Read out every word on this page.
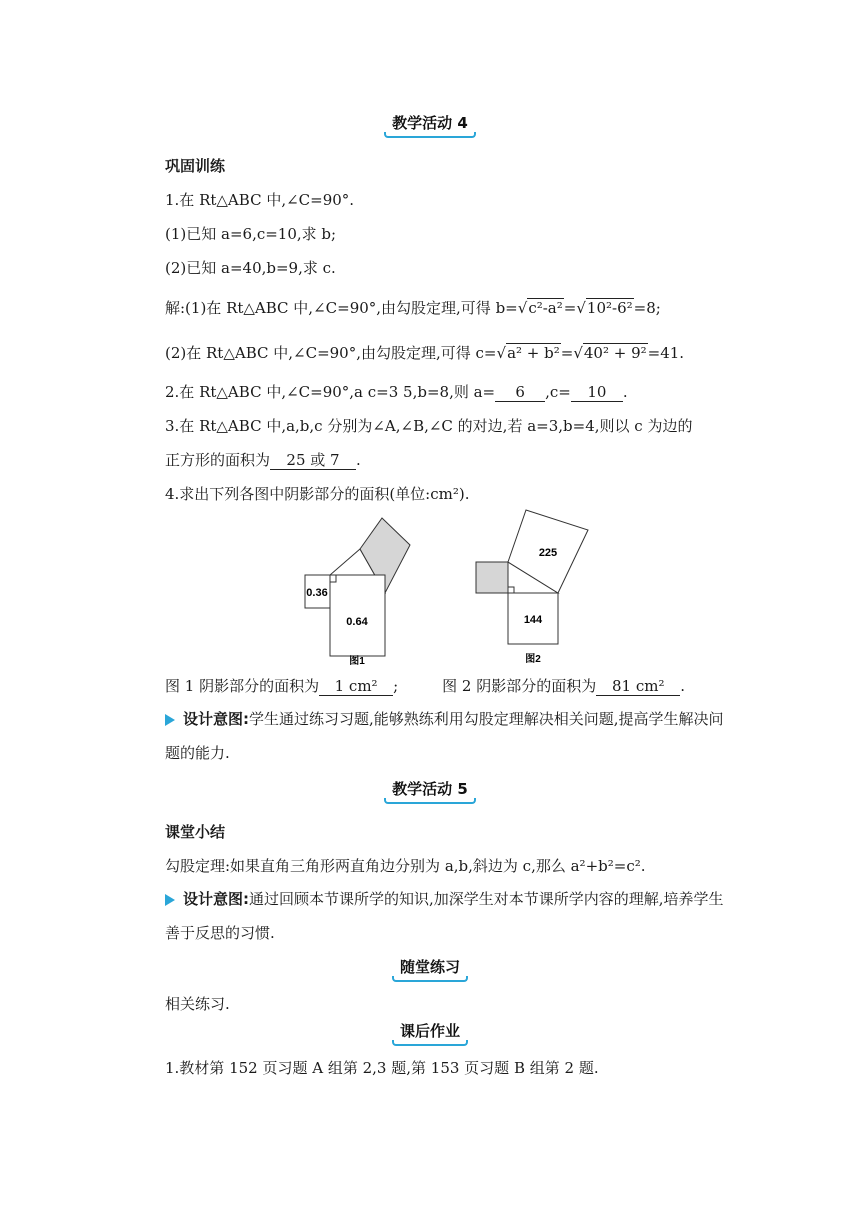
教学活动 4
巩固训练
1.在 Rt△ABC 中,∠C=90°.
(1)已知 a=6,c=10,求 b;
(2)已知 a=40,b=9,求 c.
解:(1)在 Rt△ABC 中,∠C=90°,由勾股定理,可得 b=√c²-a²=√10²-6²=8;
(2)在 Rt△ABC 中,∠C=90°,由勾股定理,可得 c=√a² + b²=√40² + 9²=41.
2.在 Rt△ABC 中,∠C=90°,a c=3 5,b=8,则 a= 6 ,c= 10 .
3.在 Rt△ABC 中,a,b,c 分别为∠A,∠B,∠C 的对边,若 a=3,b=4,则以 c 为边的
正方形的面积为 25 或 7 .
4.求出下列各图中阴影部分的面积(单位:cm²).
0.36
0.64
图1
225
144
图2
图 1 阴影部分的面积为 1 cm² ;	图 2 阴影部分的面积为 81 cm² .
设计意图:学生通过练习习题,能够熟练利用勾股定理解决相关问题,提高学生解决问题的能力.
教学活动 5
课堂小结
勾股定理:如果直角三角形两直角边分别为 a,b,斜边为 c,那么 a²+b²=c².
设计意图:通过回顾本节课所学的知识,加深学生对本节课所学内容的理解,培养学生善于反思的习惯.
随堂练习
相关练习.
课后作业
1.教材第 152 页习题 A 组第 2,3 题,第 153 页习题 B 组第 2 题.
